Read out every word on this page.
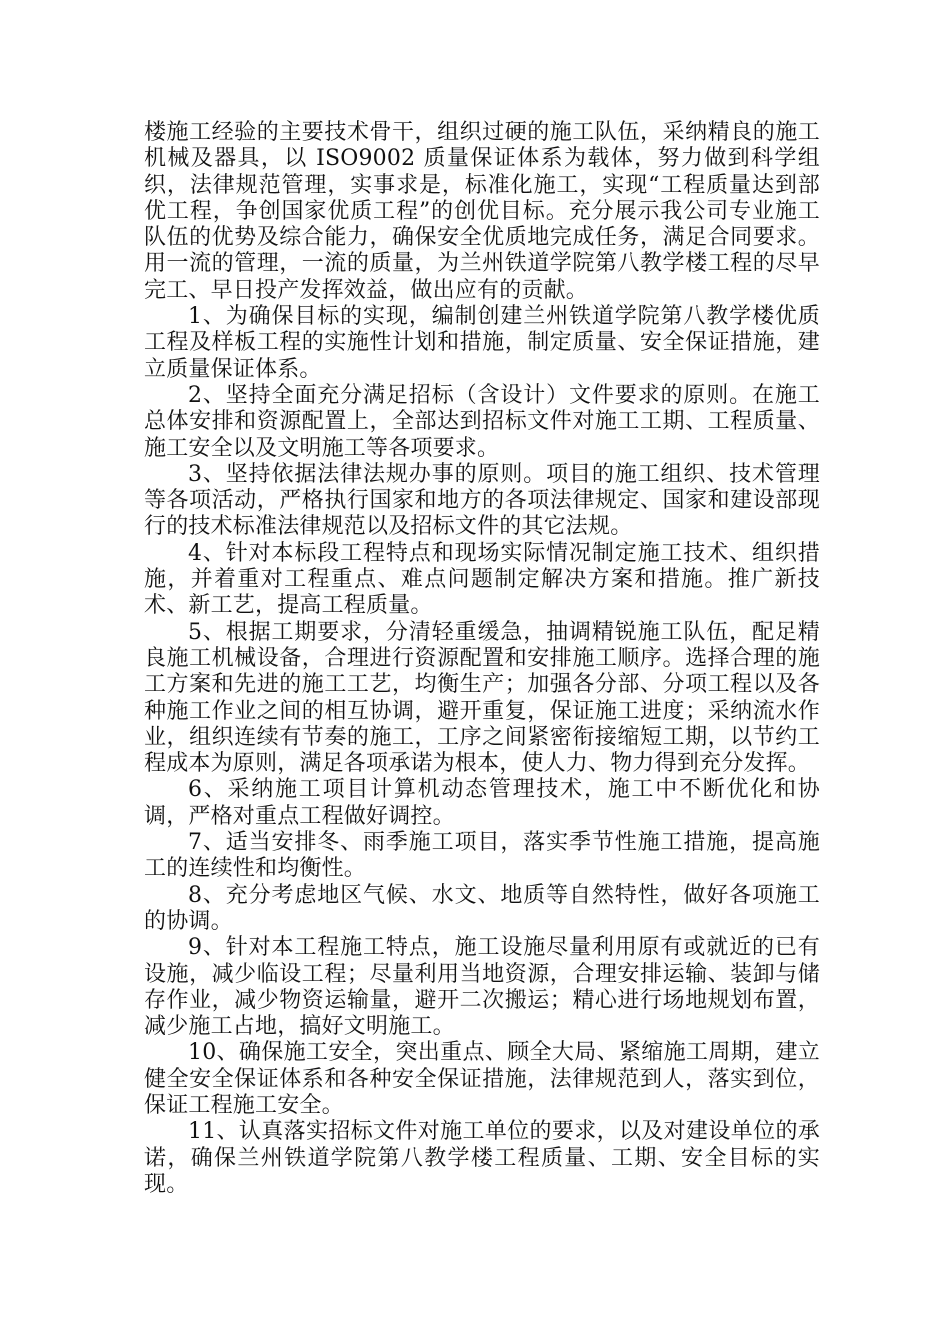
楼施工经验的主要技术骨干，组织过硬的施工队伍，采纳精良的施工机械及器具，以 ISO9002 质量保证体系为载体，努力做到科学组织，法律规范管理，实事求是，标准化施工，实现“工程质量达到部优工程，争创国家优质工程”的创优目标。充分展示我公司专业施工队伍的优势及综合能力，确保安全优质地完成任务，满足合同要求。用一流的管理，一流的质量，为兰州铁道学院第八教学楼工程的尽早完工、早日投产发挥效益，做出应有的贡献。

1、为确保目标的实现，编制创建兰州铁道学院第八教学楼优质工程及样板工程的实施性计划和措施，制定质量、安全保证措施，建立质量保证体系。

2、坚持全面充分满足招标（含设计）文件要求的原则。在施工总体安排和资源配置上，全部达到招标文件对施工工期、工程质量、施工安全以及文明施工等各项要求。

3、坚持依据法律法规办事的原则。项目的施工组织、技术管理等各项活动，严格执行国家和地方的各项法律规定、国家和建设部现行的技术标准法律规范以及招标文件的其它法规。

4、针对本标段工程特点和现场实际情况制定施工技术、组织措施，并着重对工程重点、难点问题制定解决方案和措施。推广新技术、新工艺，提高工程质量。

5、根据工期要求，分清轻重缓急，抽调精锐施工队伍，配足精良施工机械设备，合理进行资源配置和安排施工顺序。选择合理的施工方案和先进的施工工艺，均衡生产；加强各分部、分项工程以及各种施工作业之间的相互协调，避开重复，保证施工进度；采纳流水作业，组织连续有节奏的施工，工序之间紧密衔接缩短工期，以节约工程成本为原则，满足各项承诺为根本，使人力、物力得到充分发挥。

6、采纳施工项目计算机动态管理技术，施工中不断优化和协调，严格对重点工程做好调控。

7、适当安排冬、雨季施工项目，落实季节性施工措施，提高施工的连续性和均衡性。

8、充分考虑地区气候、水文、地质等自然特性，做好各项施工的协调。

9、针对本工程施工特点，施工设施尽量利用原有或就近的已有设施，减少临设工程；尽量利用当地资源，合理安排运输、装卸与储存作业，减少物资运输量，避开二次搬运；精心进行场地规划布置，减少施工占地，搞好文明施工。

10、确保施工安全，突出重点、顾全大局、紧缩施工周期，建立健全安全保证体系和各种安全保证措施，法律规范到人，落实到位，保证工程施工安全。

11、认真落实招标文件对施工单位的要求，以及对建设单位的承诺，确保兰州铁道学院第八教学楼工程质量、工期、安全目标的实现。
